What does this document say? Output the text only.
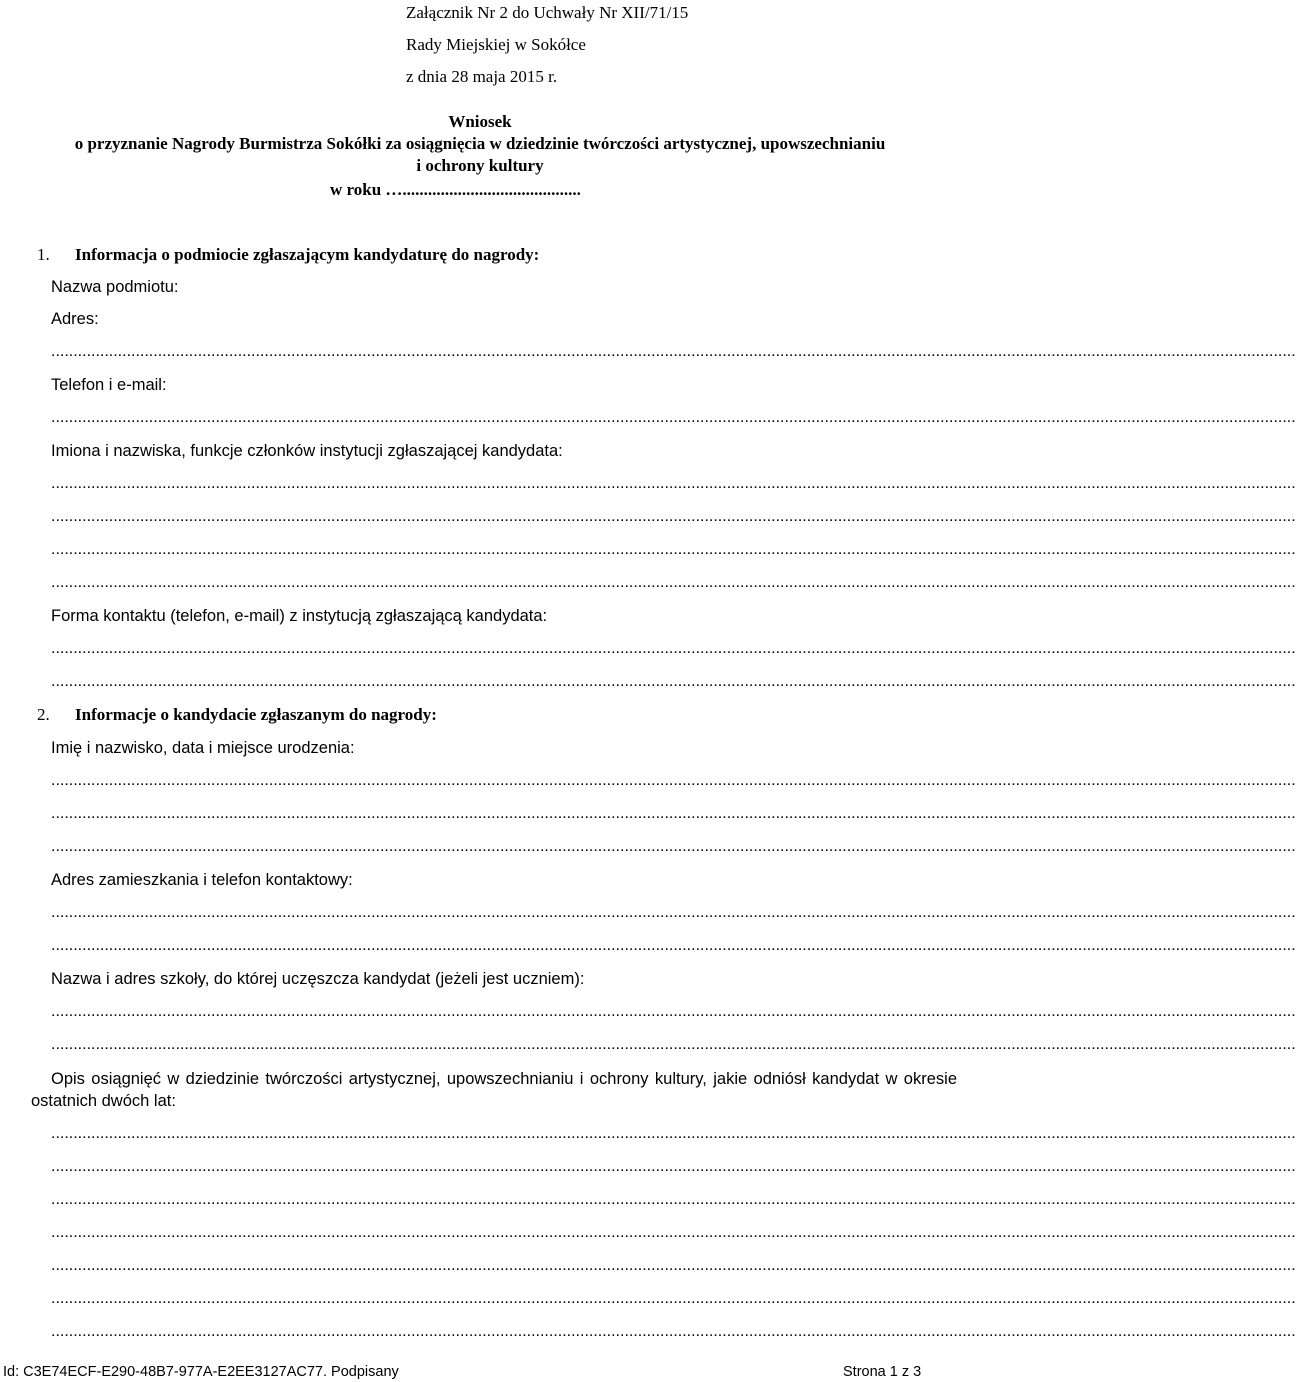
Załącznik Nr 2 do Uchwały Nr XII/71/15
Rady Miejskiej w Sokółce
z dnia 28 maja 2015 r.
Wniosek
o przyznanie Nagrody Burmistrza Sokółki za osiągnięcia w dziedzinie twórczości artystycznej, upowszechnianiu
i ochrony kultury
w roku …..........................................
1. Informacja o podmiocie zgłaszającym kandydaturę do nagrody:
Nazwa podmiotu:
Adres:
........................................................................................................................................................................................................................................................................................
Telefon i e-mail:
........................................................................................................................................................................................................................................................................................
Imiona i nazwiska, funkcje członków instytucji zgłaszającej kandydata:
........................................................................................................................................................................................................................................................................................
........................................................................................................................................................................................................................................................................................
........................................................................................................................................................................................................................................................................................
........................................................................................................................................................................................................................................................................................
Forma kontaktu (telefon, e-mail) z instytucją zgłaszającą kandydata:
........................................................................................................................................................................................................................................................................................
........................................................................................................................................................................................................................................................................................
2. Informacje o kandydacie zgłaszanym do nagrody:
Imię i nazwisko, data i miejsce urodzenia:
........................................................................................................................................................................................................................................................................................
........................................................................................................................................................................................................................................................................................
........................................................................................................................................................................................................................................................................................
Adres zamieszkania i telefon kontaktowy:
........................................................................................................................................................................................................................................................................................
........................................................................................................................................................................................................................................................................................
Nazwa i adres szkoły, do której uczęszcza kandydat (jeżeli jest uczniem):
........................................................................................................................................................................................................................................................................................
........................................................................................................................................................................................................................................................................................
Opis osiągnięć w dziedzinie twórczości artystycznej, upowszechnianiu i ochrony kultury, jakie odniósł kandydat w okresie ostatnich dwóch lat:
........................................................................................................................................................................................................................................................................................
........................................................................................................................................................................................................................................................................................
........................................................................................................................................................................................................................................................................................
........................................................................................................................................................................................................................................................................................
........................................................................................................................................................................................................................................................................................
........................................................................................................................................................................................................................................................................................
........................................................................................................................................................................................................................................................................................
Id: C3E74ECF-E290-48B7-977A-E2EE3127AC77. Podpisany	Strona 1 z 3
